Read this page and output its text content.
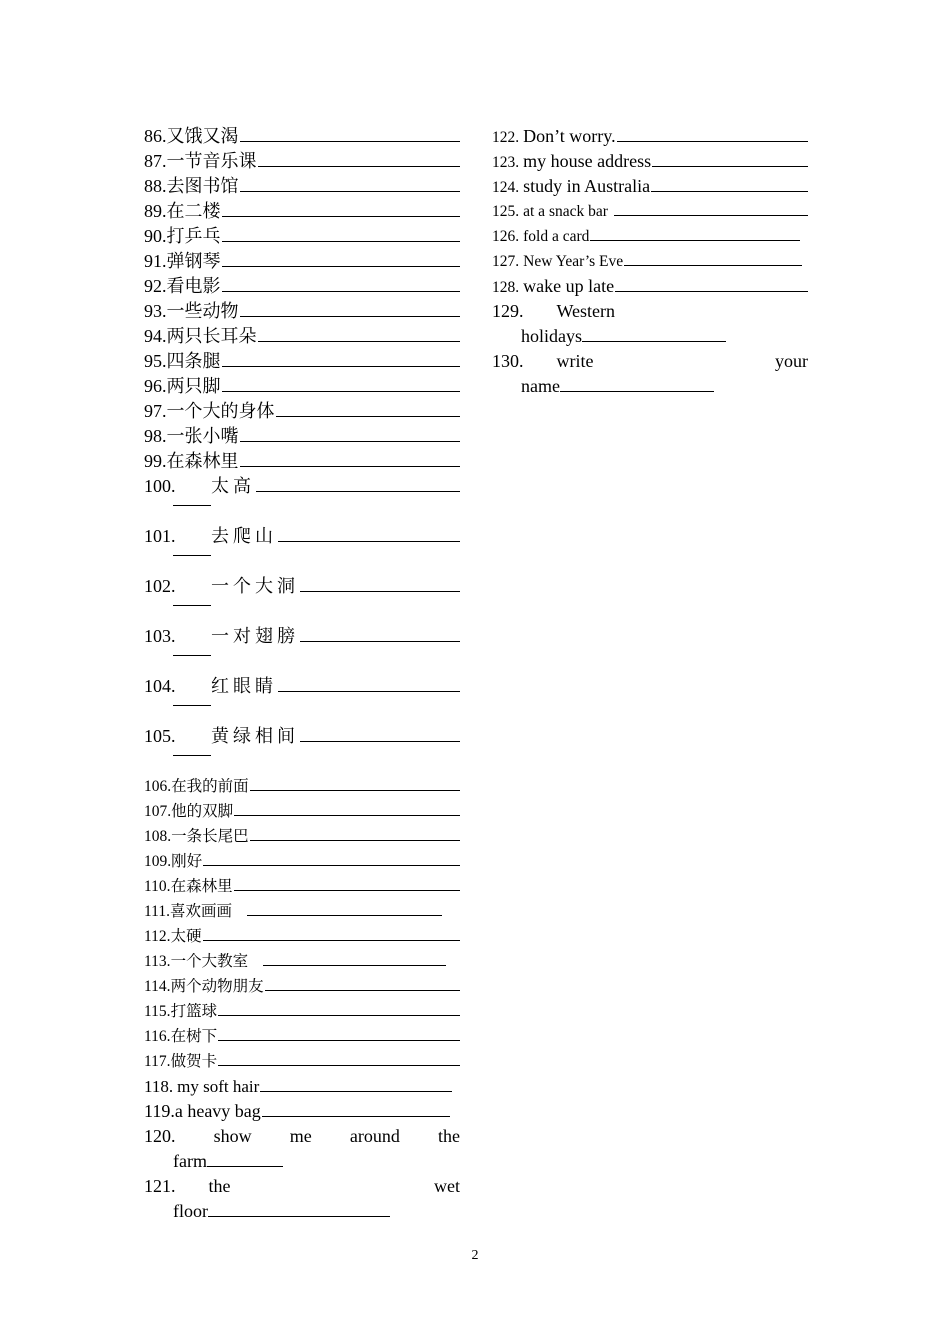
86. 又饿又渴
87. 一节音乐课
88. 去图书馆
89. 在二楼
90. 打乒乓
91. 弹钢琴
92. 看电影
93. 一些动物
94. 两只长耳朵
95. 四条腿
96. 两只脚
97. 一个大的身体
98. 一张小嘴
99. 在森林里
100.	太高
101.	去爬山
102.	一个大洞
103.	一对翅膀
104.	红眼睛
105.	黄绿相间
106. 在我的前面
107. 他的双脚
108. 一条长尾巴
109. 刚好
110. 在森林里
111. 喜欢画画
112. 太硬
113. 一个大教室
114. 两个动物朋友
115. 打篮球
116. 在树下
117. 做贺卡
118. my soft hair
119. a heavy bag
120. show me around the
farm
121. the	wet
floor
122. Don’t worry.
123. my house address
124. study in Australia
125. at a snack bar
126. fold a card
127. New Year’s Eve
128. wake up late
129. Western
holidays
130. write	your
name
2
